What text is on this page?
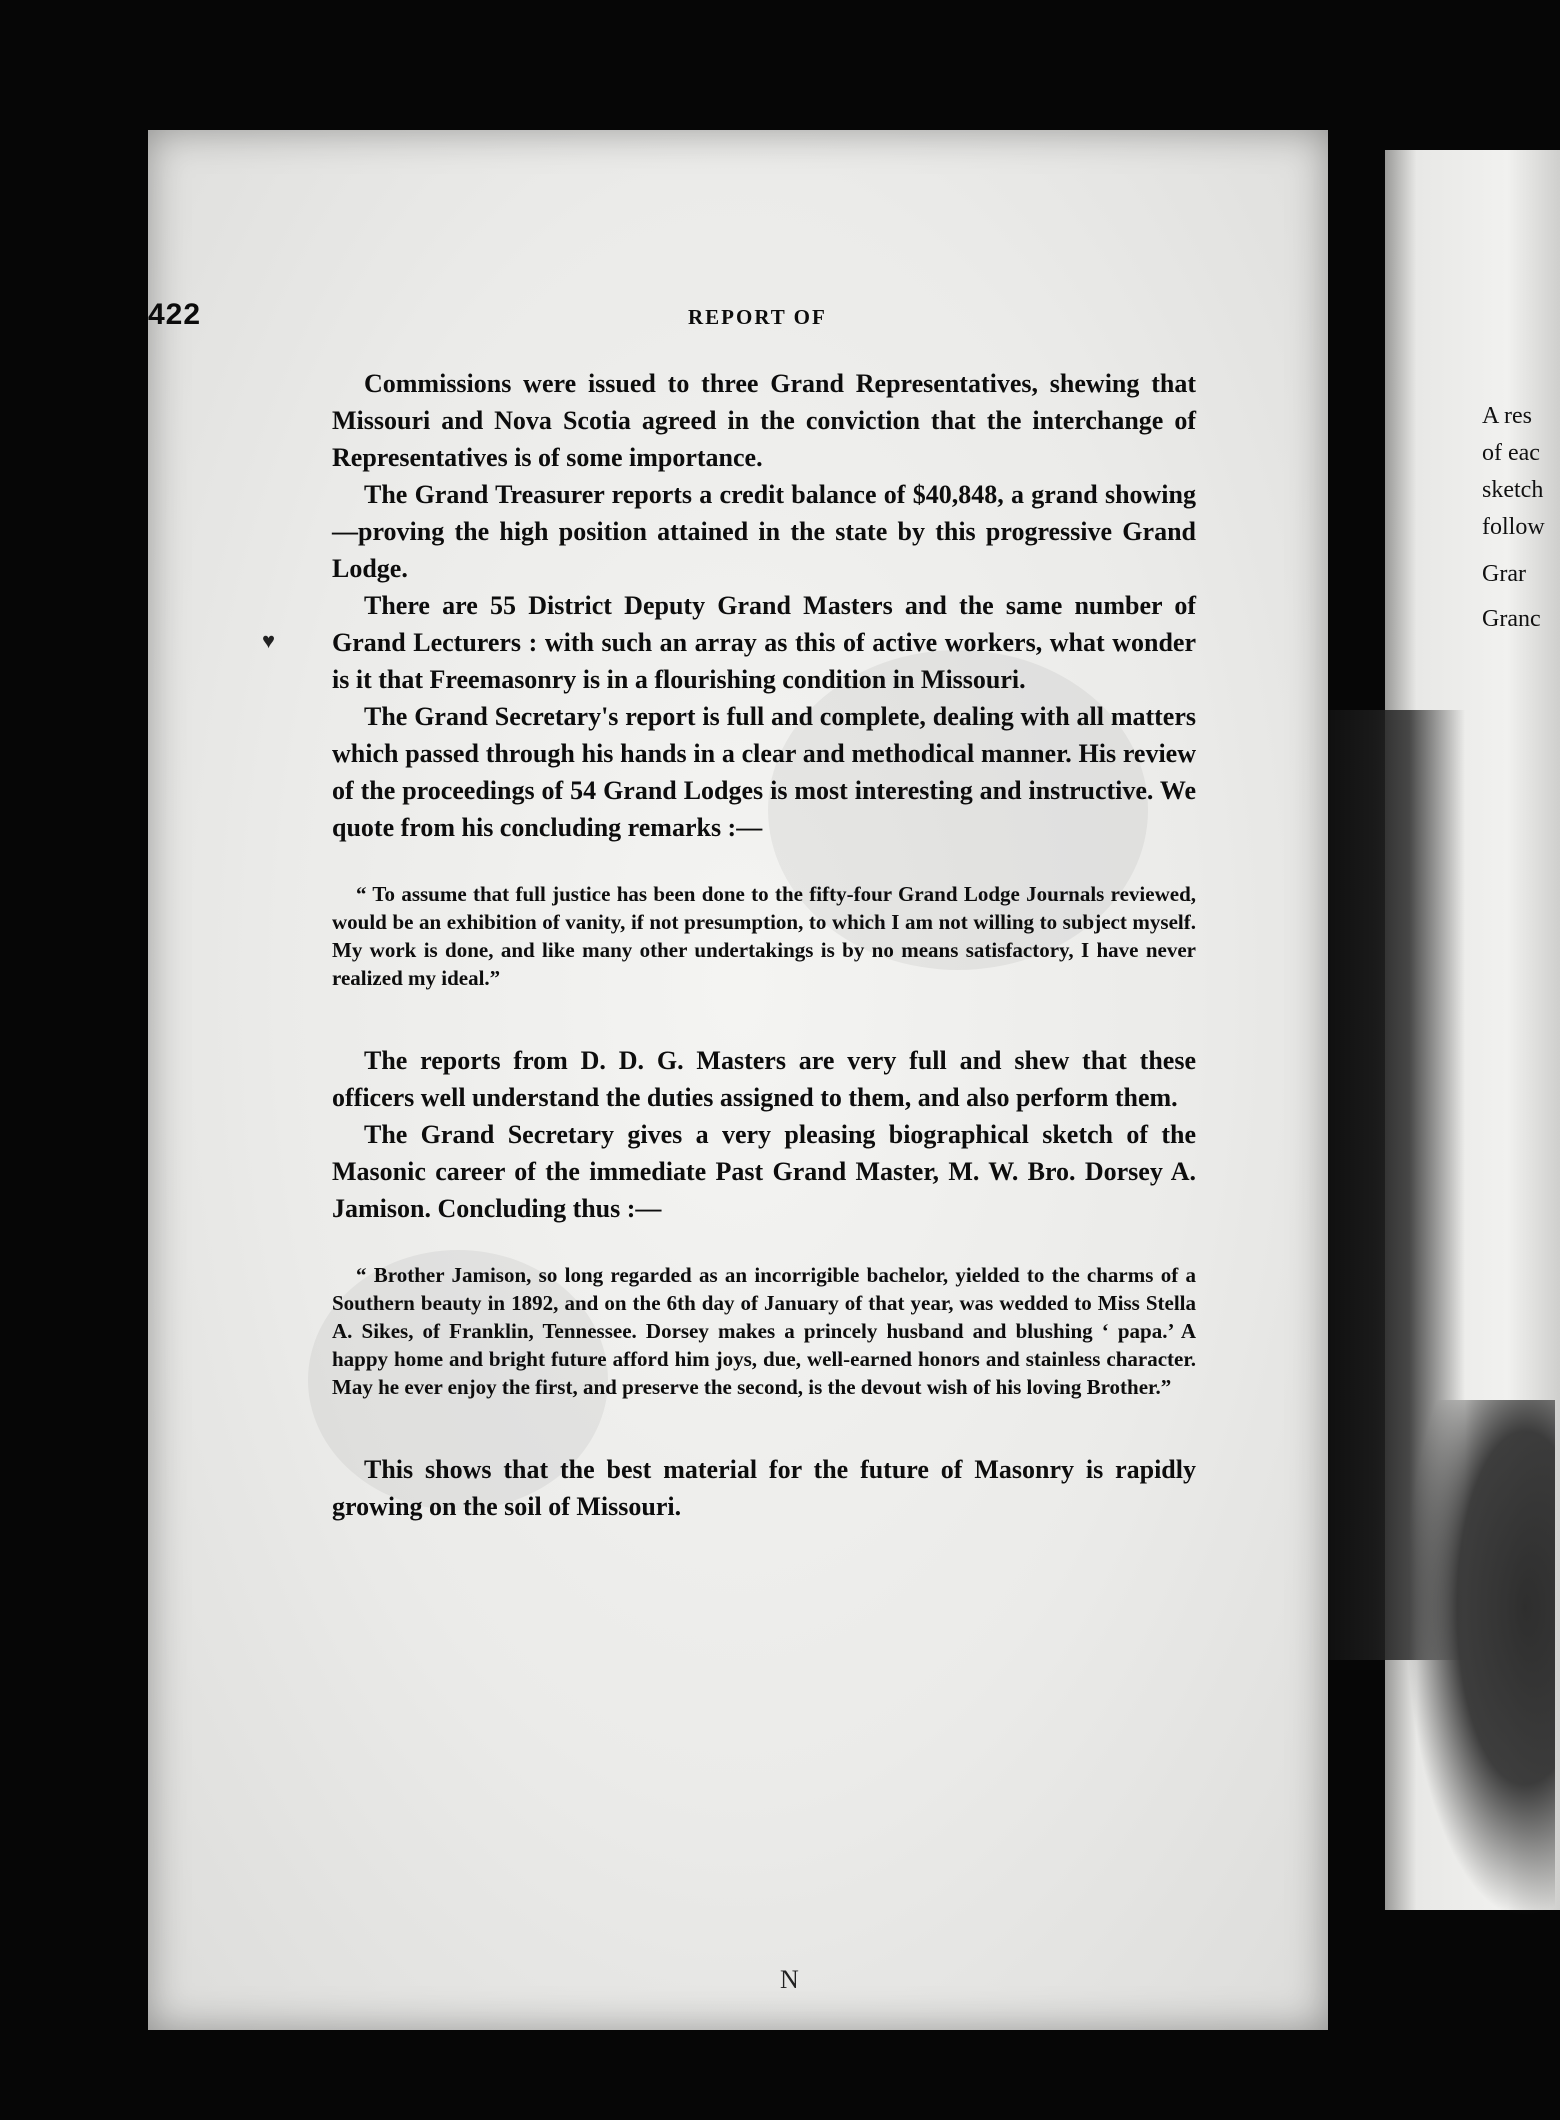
A res
of eac
sketch
follow
Grar
Granc
422	REPORT OF
♥

Commissions were issued to three Grand Representatives, shewing that Missouri and Nova Scotia agreed in the conviction that the interchange of Representatives is of some importance.

The Grand Treasurer reports a credit balance of $40,848, a grand showing—proving the high position attained in the state by this progressive Grand Lodge.

There are 55 District Deputy Grand Masters and the same number of Grand Lecturers : with such an array as this of active workers, what wonder is it that Freemasonry is in a flourishing condition in Missouri.

The Grand Secretary's report is full and complete, dealing with all matters which passed through his hands in a clear and methodical manner. His review of the proceedings of 54 Grand Lodges is most interesting and instructive. We quote from his concluding remarks :—

“ To assume that full justice has been done to the fifty-four Grand Lodge Journals reviewed, would be an exhibition of vanity, if not presumption, to which I am not willing to subject myself. My work is done, and like many other undertakings is by no means satisfactory, I have never realized my ideal.”

The reports from D. D. G. Masters are very full and shew that these officers well understand the duties assigned to them, and also perform them.

The Grand Secretary gives a very pleasing biographical sketch of the Masonic career of the immediate Past Grand Master, M. W. Bro. Dorsey A. Jamison. Concluding thus :—

“ Brother Jamison, so long regarded as an incorrigible bachelor, yielded to the charms of a Southern beauty in 1892, and on the 6th day of January of that year, was wedded to Miss Stella A. Sikes, of Franklin, Tennessee. Dorsey makes a princely husband and blushing ‘ papa.’ A happy home and bright future afford him joys, due, well-earned honors and stainless character. May he ever enjoy the first, and preserve the second, is the devout wish of his loving Brother.”

This shows that the best material for the future of Masonry is rapidly growing on the soil of Missouri.

N
